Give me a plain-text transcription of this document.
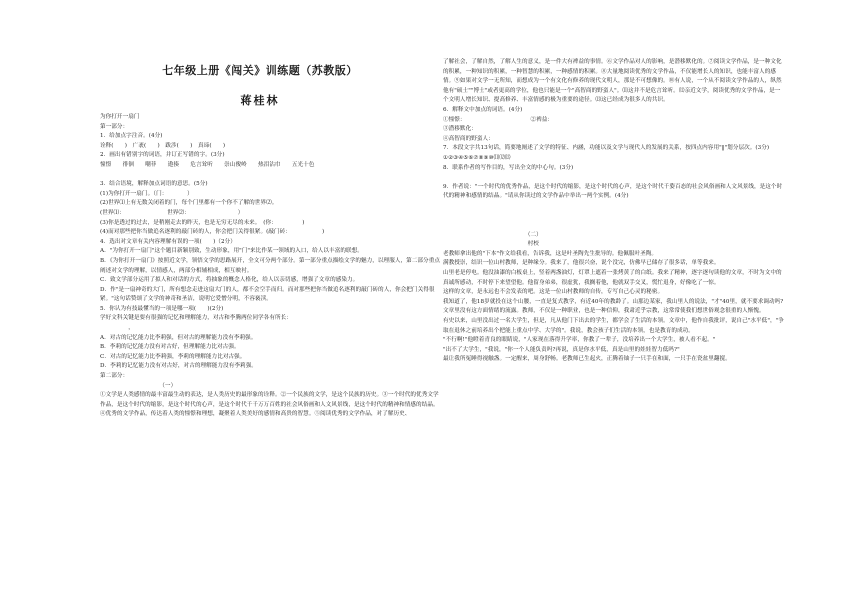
七年级上册《闯关》训练题（苏教版）
蒋桂林
为你打开一扇门
第一部分：
1．给加点字注音。(4分)
诠释(　　)　广袤(　　)　跋涉(　　)　真谛(　　)
2．画出有错别字的词语，并订正写错的字。(3分)
憧憬　　徘徊　　嘲菲　　遨揍　　危言耸听　　崇山俊岭　　热泪沾巾　　五光十色

3．结合语境，解释加点词语的意思。(5分)
(1)为你打开一扇门。（门：　　　　）
(2)世界⑴上有无数关闭着的门，每个门里都有一个你不了解的世界⑵。
(世界⑴：　　　　　　　　世界⑵：　　　　　　　　　）
(3)你是透过的过去，是稍刚走去的昨天，也是无穷无尽的未来。　(你：　　　　　)
(4)而对那些把你当做追名逐利的敲门砖的人，你会把门关得很紧。(敲门砖：　　　　　　)
4．选出对文章有关内容理解有误的一项(　　)（2分）
A．"为你打开一扇门"这个题目新颖别致，生动形象，用"门"来比作某一领域的入口，给人以丰富的联想。
B．《为你打开一扇门》按照近文学，领悟文学的思路展开，全文可分两个部分。第一部分重点描绘文学的魅力，以理服人，第二部分重点阐述对文学的理解，以情感人，两部分相辅相成，相互映衬。
C．致文学部分运用了拟人和对话的方式，将抽象的概念人格化，给人以亲切感，增强了文章的感染力。
D．作"是一扇神奇的大门，所有想念走进这扇大门的人，都不会空手而归。而对那些把你当做追名逐利的敲门砖的人，你会把门关得很紧。"这句话赞颂了文学的神奇和圣洁，说明它爱憎分明，不容亵渎。
5．你认为有技最懂当的一项是哪一项(　　)(2分)
学好文科关键是要有很强的记忆和理解能力，对古和李腾两位同学各有所长：
　　　　　，
A．对古的记忆能力比李莉强，但对古的理解能力没有李莉强。
B．李莉的记忆能力没有对古好，但理解能力比对古强。
C．对古的记忆能力比李莉强，李莉的理解能力比对古强。
D．李莉的记忆能力没有对古好，对古的理解能力没有李莉强。
第二部分：
　　　　　　　　　　　（一）
①文学是人类感情的最丰富最生动的表达，是人类历史的最形象的诠释。②一个民族的文学，是这个民族的历史。③一个时代的优秀文学作品，是这个时代的缩影，是这个时代的心声，是这个时代千千万万百姓的社会风俗画和人文风景线，是这个时代的精神和情感的结晶。④优秀的文学作品，传达着人类的憧憬和理想，凝聚着人类美好的感情和高贵的智慧。⑤阅读优秀的文学作品，对了解历史、
了解社会，了解自然，了解人生的意义，是一件大有裨益的事情。⑥文学作品对人的影响，是潜移默化的。⑦阅读文学作品，是一种文化的积累，一种知识的积累，一种智慧的积累，一种感情的积累。⑧大量地阅读优秀的文学作品，不仅能增长人的知识，也能丰富人的感情。⑨如果对文学一无所知，而想成为一个有文化有修养的现代文明人，那是不可想像的。⑩有人说，一个从不阅读文学作品的人，纵然他有"硕士""博士"或者更高的学位，他也只能是一个"高智商的野蛮人"。⑾这并不是危言耸听。⑿亲近文学，阅读优秀的文学作品，是一个文明人增长知识、提高修养、丰富情感的极为重要的途径。⒀这已经成为很多人的共识。
6．解释文中加点的词语。(4分)
①憧憬：　　　　　　　　　　　　②裨益：
③潜移默化：
④高智商的野蛮人：
7．本段文字共13句话，简要地阐述了文学的特征、内涵，功能以及文学与现代人的发展的关系，按四点内容用"‖"划分层次。(3分)
①②③④⑤⑥⑦⑧⑨⑩⑾⑿⒀
8．联系作者的写作目的，写出全文的中心句。(3分)

9．作者说："一个时代的优秀作品，是这个时代的缩影，是这个时代的心声，是这个时代千姿百态的社会风俗画和人文风景线，是这个时代的精神和感情的结晶。"请从你读过的文学作品中举出一两个实例。(4分)

　　　　　　　　　　　　　　　（二）
　　　　　　　　　　　　　　　村校
老教师拿出他的"下本"作文给我看，告诉我，这是叶圣陶先生批导的。他佩服叶圣陶。
满教授崇，结识一位山村教师，是种缘分。我来了，他很兴奋，说个没完，仿佛早已储存了很多话，单等我来。
山里老是停电。他没油漆的白板桌上，竖着两盏油灯，灯罩上遮着一张烤黄了的白纸。我来了精神，逐字逐句读他的文章，不时为文中的真诚所感动，不时停下来望望他。他留身弟弟，很虚犹，我搁着他，他就双手交叉，慌忙退身，好像吃了一惊。
这样的文章，是永远也不会发表的吧。这是一位山村教师的自传，专写自己心灵的秘密。
我知道了，他18岁就投在这个山腰，一直是复式教学，有近40年的教龄了。山那边某家，我山里人的说法，"才"40里，就不要求调动吗?文章里没有这方面情绪的流露。教师，不仅是一种职业，也是一种信仰，我肃近乎宗教，这常常使我们想世俗观念很重的人惭愧。
有史以来，山里没出过一名大学生，但是，凡从他门下出去的学生，都学会了生活的本领。文章中，他作自我批评，说自己"水平低"，"争取在退休之前培养出个把能上重点中学、大学的"。我说，教会孩子们生活的本领，也是教育的成功。
"不行啊!"他瞪着青良的眼睛说，"人家现在落得升学率，你教了一辈子，没培养出一个大学生，被人看不起。"
"出不了大学生，"我说，"你一个人能负责吗?再说，真是你水平低，真是山里的娃娃智力低吗?"
最让我所冤睡得视触盏。一定醒来，周身舒畅。老教师已生起火，正腾着铀子一只手在和面，一只手在瓷盆里翻搅。
